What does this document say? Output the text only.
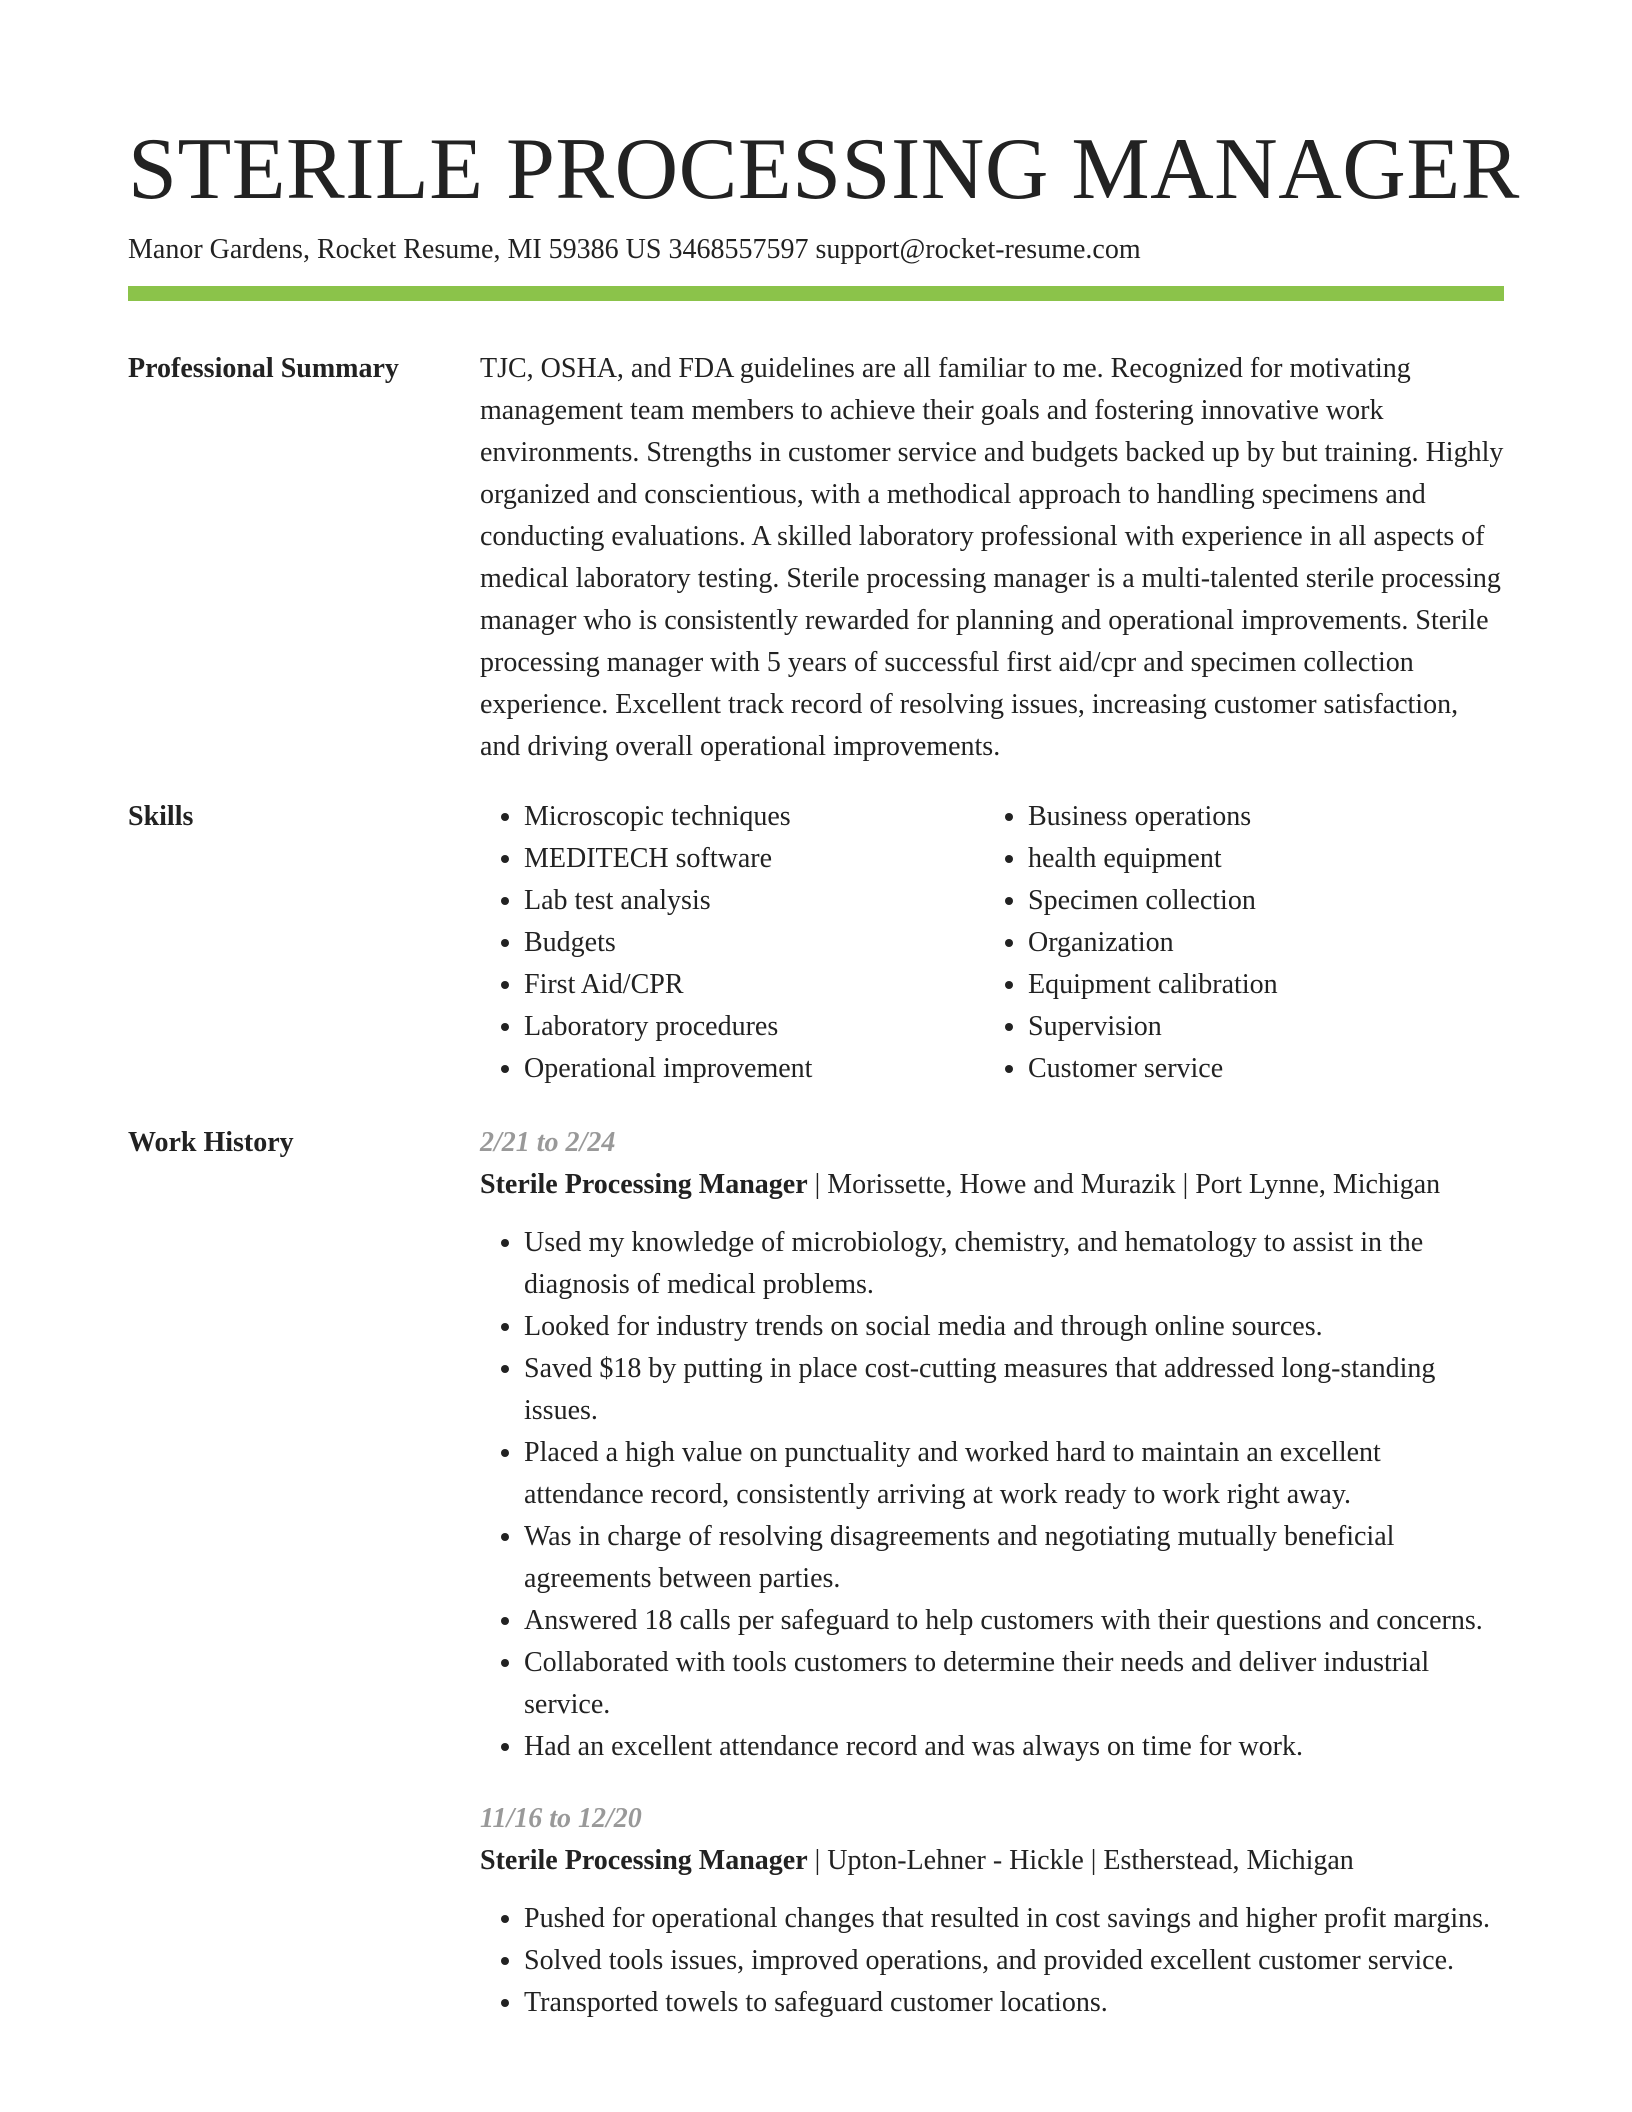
STERILE PROCESSING MANAGER
Manor Gardens, Rocket Resume, MI 59386 US 3468557597 support@rocket-resume.com
Professional Summary	TJC, OSHA, and FDA guidelines are all familiar to me. Recognized for motivating management team members to achieve their goals and fostering innovative work environments. Strengths in customer service and budgets backed up by but training. Highly organized and conscientious, with a methodical approach to handling specimens and conducting evaluations. A skilled laboratory professional with experience in all aspects of medical laboratory testing. Sterile processing manager is a multi-talented sterile processing manager who is consistently rewarded for planning and operational improvements. Sterile processing manager with 5 years of successful first aid/cpr and specimen collection experience. Excellent track record of resolving issues, increasing customer satisfaction, and driving overall operational improvements.

Skills
•	Microscopic techniques
• MEDITECH software
• Lab test analysis
• Budgets
• First Aid/CPR
• Laboratory procedures
• Operational improvement
• Business operations
• health equipment
• Specimen collection
• Organization
• Equipment calibration
• Supervision
• Customer service
Work History	2/21 to 2/24
Sterile Processing Manager | Morissette, Howe and Murazik | Port Lynne, Michigan
• Used my knowledge of microbiology, chemistry, and hematology to assist in the diagnosis of medical problems.
• Looked for industry trends on social media and through online sources.
• Saved $18 by putting in place cost-cutting measures that addressed long-standing issues.
• Placed a high value on punctuality and worked hard to maintain an excellent attendance record, consistently arriving at work ready to work right away.
• Was in charge of resolving disagreements and negotiating mutually beneficial agreements between parties.
• Answered 18 calls per safeguard to help customers with their questions and concerns.
• Collaborated with tools customers to determine their needs and deliver industrial service.
• Had an excellent attendance record and was always on time for work.
11/16 to 12/20
Sterile Processing Manager | Upton-Lehner - Hickle | Estherstead, Michigan
• Pushed for operational changes that resulted in cost savings and higher profit margins.
• Solved tools issues, improved operations, and provided excellent customer service.
• Transported towels to safeguard customer locations.
